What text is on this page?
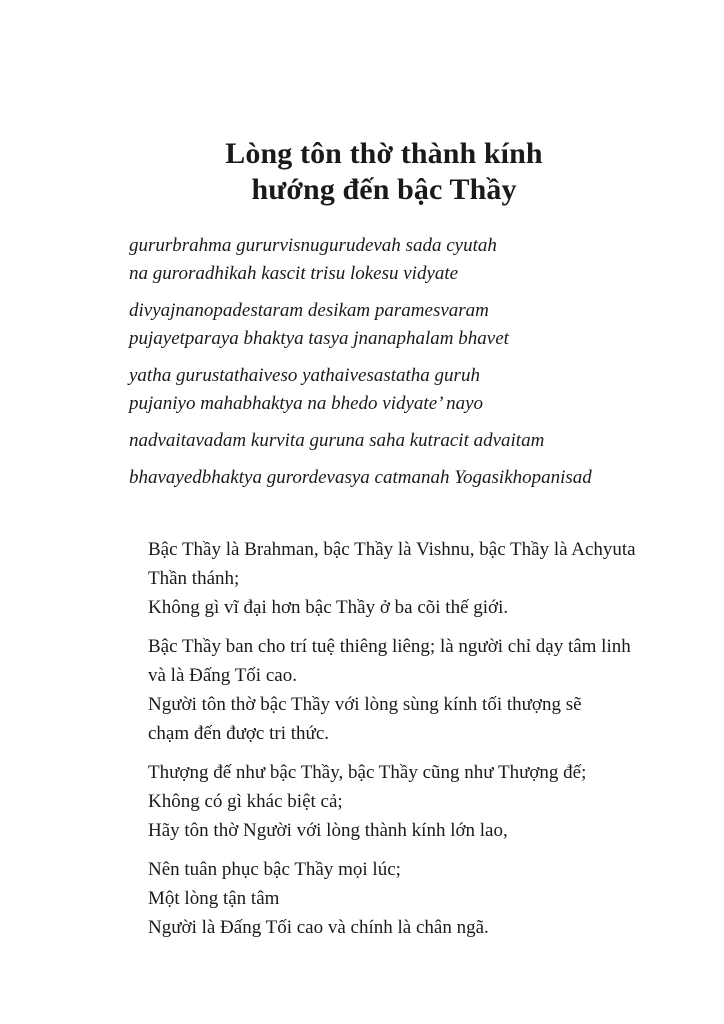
Lòng tôn thờ thành kính
hướng đến bậc Thầy
gururbrahma gururvisnugurudevah sada cyutah
na guroradhikah kascit trisu lokesu vidyate
divyajnanopadestaram desikam paramesvaram
pujayetparaya bhaktya tasya jnanaphalam bhavet
yatha gurustathaiveso yathaivesastatha guruh
pujaniyo mahabhaktya na bhedo vidyate’ nayo
nadvaitavadam kurvita guruna saha kutracit advaitam
bhavayedbhaktya gurordevasya catmanah Yogasikhopanisad
Bậc Thầy là Brahman, bậc Thầy là Vishnu, bậc Thầy là Achyuta
Thần thánh;
Không gì vĩ đại hơn bậc Thầy ở ba cõi thế giới.
Bậc Thầy ban cho trí tuệ thiêng liêng; là người chỉ dạy tâm linh
và là Đấng Tối cao.
Người tôn thờ bậc Thầy với lòng sùng kính tối thượng sẽ
chạm đến được tri thức.
Thượng đế như bậc Thầy, bậc Thầy cũng như Thượng đế;
Không có gì khác biệt cả;
Hãy tôn thờ Người với lòng thành kính lớn lao,
Nên tuân phục bậc Thầy mọi lúc;
Một lòng tận tâm
Người là Đấng Tối cao và chính là chân ngã.
